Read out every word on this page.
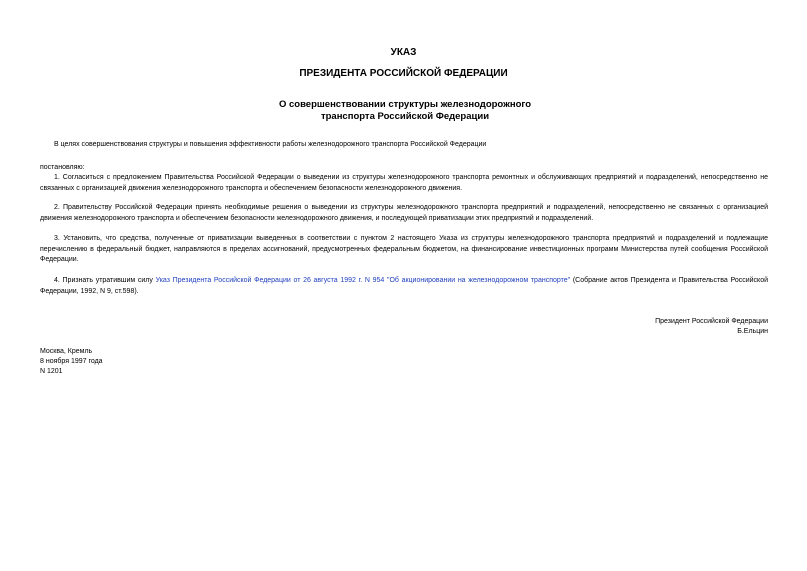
УКАЗ
ПРЕЗИДЕНТА РОССИЙСКОЙ ФЕДЕРАЦИИ
О совершенствовании структуры железнодорожного
транспорта Российской Федерации
В целях совершенствования структуры и повышения эффективности работы железнодорожного транспорта Российской Федерации
постановляю:
1. Согласиться с предложением Правительства Российской Федерации о выведении из структуры железнодорожного транспорта ремонтных и обслуживающих предприятий и подразделений, непосредственно не связанных с организацией движения железнодорожного транспорта и обеспечением безопасности железнодорожного движения.
2. Правительству Российской Федерации принять необходимые решения о выведении из структуры железнодорожного транспорта предприятий и подразделений, непосредственно не связанных с организацией движения железнодорожного транспорта и обеспечением безопасности железнодорожного движения, и последующей приватизации этих предприятий и подразделений.
3. Установить, что средства, полученные от приватизации выведенных в соответствии с пунктом 2 настоящего Указа из структуры железнодорожного транспорта предприятий и подразделений и подлежащие перечислению в федеральный бюджет, направляются в пределах ассигнований, предусмотренных федеральным бюджетом, на финансирование инвестиционных программ Министерства путей сообщения Российской Федерации.
4. Признать утратившим силу Указ Президента Российской Федерации от 26 августа 1992 г. N 954 "Об акционировании на железнодорожном транспорте" (Собрание актов Президента и Правительства Российской Федерации, 1992, N 9, ст.598).
Президент Российской Федерации
Б.Ельцин
Москва, Кремль
8 ноября 1997 года
N 1201
